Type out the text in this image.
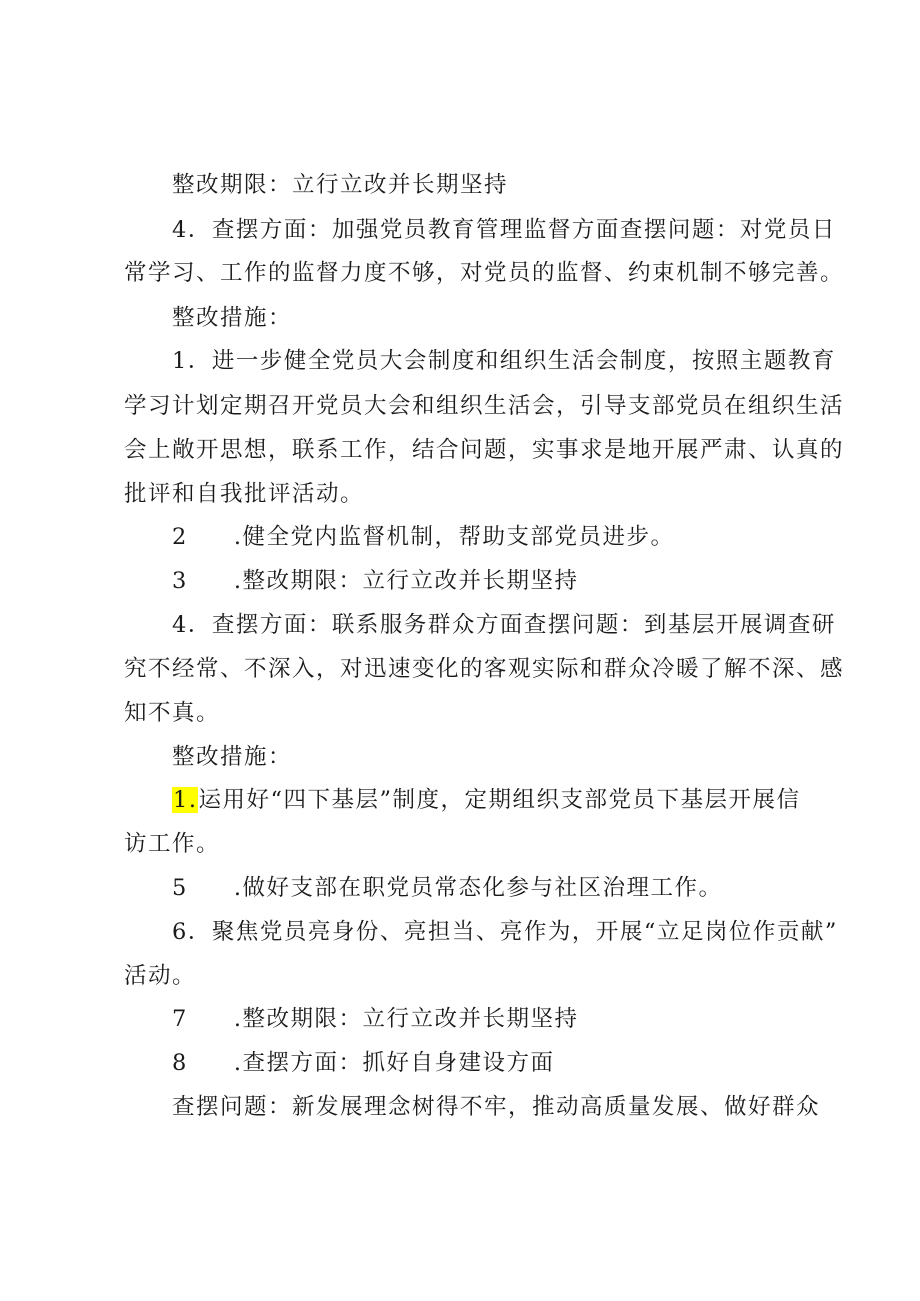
整改期限：立行立改并长期坚持
4．查摆方面：加强党员教育管理监督方面查摆问题：对党员日
常学习、工作的监督力度不够，对党员的监督、约束机制不够完善。
整改措施：
1．进一步健全党员大会制度和组织生活会制度，按照主题教育
学习计划定期召开党员大会和组织生活会，引导支部党员在组织生活
会上敞开思想，联系工作，结合问题，实事求是地开展严肃、认真的
批评和自我批评活动。
2 .健全党内监督机制，帮助支部党员进步。
3 .整改期限：立行立改并长期坚持
4．查摆方面：联系服务群众方面查摆问题：到基层开展调查研
究不经常、不深入，对迅速变化的客观实际和群众冷暖了解不深、感
知不真。
整改措施：
1.运用好“四下基层”制度，定期组织支部党员下基层开展信
访工作。
5 .做好支部在职党员常态化参与社区治理工作。
6．聚焦党员亮身份、亮担当、亮作为，开展“立足岗位作贡献”
活动。
7 .整改期限：立行立改并长期坚持
8 .查摆方面：抓好自身建设方面
查摆问题：新发展理念树得不牢，推动高质量发展、做好群众
